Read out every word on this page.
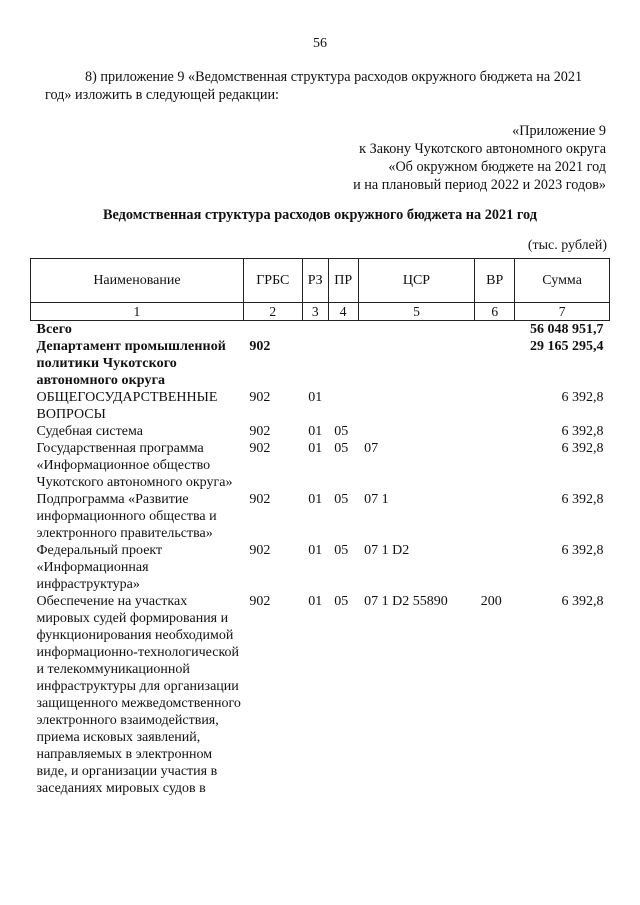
56
8) приложение 9 «Ведомственная структура расходов окружного бюджета на 2021
год» изложить в следующей редакции:
«Приложение 9
к Закону Чукотского автономного округа
«Об окружном бюджете на 2021 год
и на плановый период 2022 и 2023 годов»
Ведомственная структура расходов окружного бюджета на 2021 год
(тыс. рублей)
Наименование	ГРБС	РЗ	ПР	ЦСР	ВР	Сумма
1	2	3	4	5	6	7
Всего						56 048 951,7
Департамент промышленной политики Чукотского автономного округа	902					29 165 295,4
ОБЩЕГОСУДАРСТВЕННЫЕ ВОПРОСЫ	902	01				6 392,8
Судебная система	902	01	05			6 392,8
Государственная программа «Информационное общество Чукотского автономного округа»	902	01	05	07		6 392,8
Подпрограмма «Развитие информационного общества и электронного правительства»	902	01	05	07 1		6 392,8
Федеральный проект «Информационная инфраструктура»	902	01	05	07 1 D2		6 392,8
Обеспечение на участках мировых судей формирования и функционирования необходимой информационно-технологической и телекоммуникационной инфраструктуры для организации защищенного межведомственного электронного взаимодействия, приема исковых заявлений, направляемых в электронном виде, и организации участия в заседаниях мировых судов в	902	01	05	07 1 D2 55890	200	6 392,8
